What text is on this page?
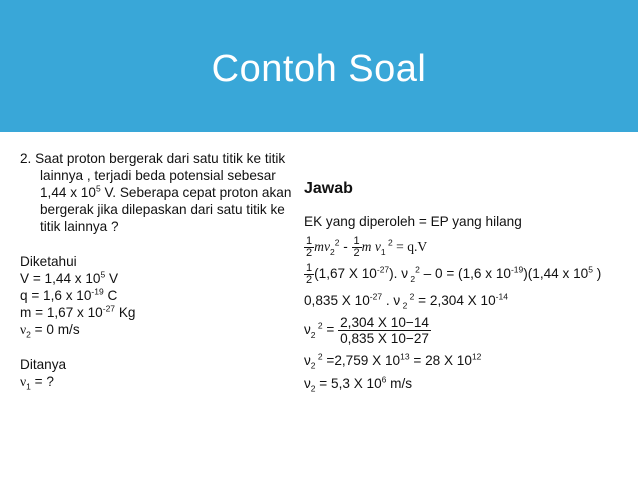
Contoh Soal

2. Saat proton bergerak dari satu titik ke titik lainnya , terjadi beda potensial sebesar 1,44 x $10^5$ V. Seberapa cepat proton akan bergerak jika dilepaskan dari satu titik ke titik lainnya ?

Diketahui
V = 1,44 x $10^5$ V
q = 1,6 x $10^{-19}$ C
m = 1,67 x $10^{-27}$ Kg
$\nu_2 = 0$ m/s
Ditanya
$\nu_1$ = ?
Jawab
EK yang diperoleh = EP yang hilang
$\frac{1}{2} m\nu_2^2 - \frac{1}{2}$ m $\nu_1$ $^2$ = q.V
$\frac{1}{2} (1,67$ X $10^{-27}$). ν $_2^2$ – 0 = (1,6 x $10^{-19})(1,44$ x $10^5$ )
0,835 X $10^{-27}$ . ν $_2$ $^2$ = 2,304 X $10^{-14}$
$\nu_2$ $^2 = \frac{2,304 X 10-14}{0,835 X 10-27}$
$\nu_2$ $^2$ =2,759 X $10^{13} = 28$ X $10^{12}$
$\nu_2 = 5,3$ X $10^6$ m/s
